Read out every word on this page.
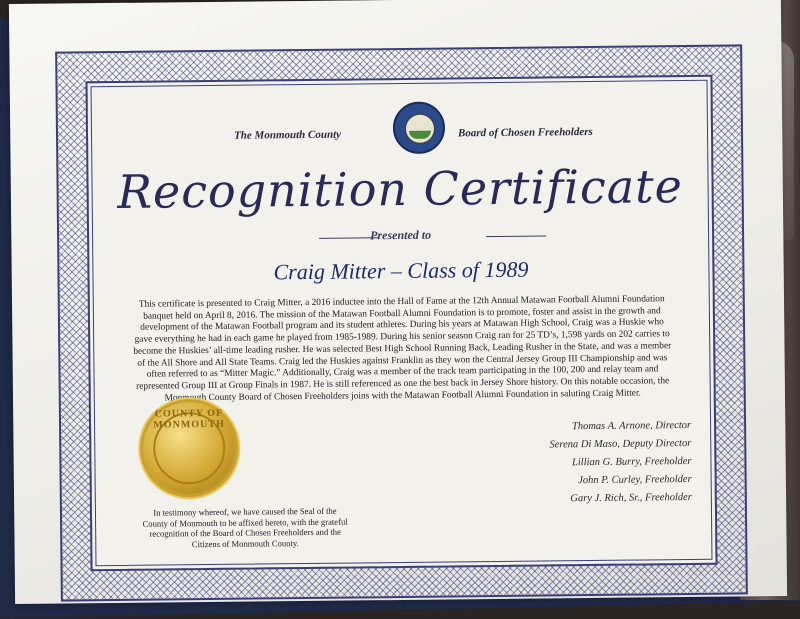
The Monmouth County	Board of Chosen Freeholders
Recognition Certificate
Presented to
Craig Mitter – Class of 1989
This certificate is presented to Craig Mitter, a 2016 inductee into the Hall of Fame at the 12th Annual Matawan Football Alumni Foundation banquet held on April 8, 2016. The mission of the Matawan Football Alumni Foundation is to promote, foster and assist in the growth and development of the Matawan Football program and its student athletes. During his years at Matawan High School, Craig was a Huskie who gave everything he had in each game he played from 1985-1989. During his senior season Craig ran for 25 TD’s, 1,598 yards on 202 carries to become the Huskies’ all-time leading rusher. He was selected Best High School Running Back, Leading Rusher in the State, and was a member of the All Shore and All State Teams. Craig led the Huskies against Franklin as they won the Central Jersey Group III Championship and was often referred to as “Mitter Magic.” Additionally, Craig was a member of the track team participating in the 100, 200 and relay team and represented Group III at Group Finals in 1987. He is still referenced as one the best back in Jersey Shore history. On this notable occasion, the Monmouth County Board of Chosen Freeholders joins with the Matawan Football Alumni Foundation in saluting Craig Mitter.
COUNTY OF MONMOUTH
In testimony whereof, we have caused the Seal of the County of Monmouth to be affixed hereto, with the grateful recognition of the Board of Chosen Freeholders and the Citizens of Monmouth County.
Thomas A. Arnone, Director
Serena Di Maso, Deputy Director
Lillian G. Burry, Freeholder
John P. Curley, Freeholder
Gary J. Rich, Sr., Freeholder
